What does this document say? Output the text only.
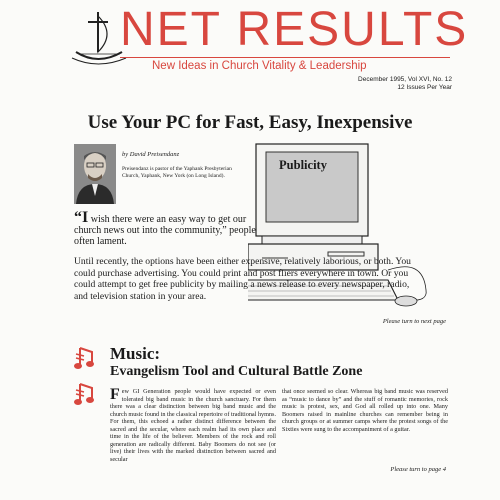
NET RESULTS
New Ideas in Church Vitality & Leadership
December 1995, Vol XVI, No. 12
12 Issues Per Year
Use Your PC for Fast, Easy, Inexpensive
by David Preisendanz
Preisendanz is pastor of the Yaphank Presbyterian Church, Yaphank, New York (on Long Island).
Publicity
“I wish there were an easy way to get our church news out into the community,” people often lament.
Until recently, the options have been either expensive, relatively laborious, or both. You could purchase advertising. You could print and post fliers everywhere in town. Or you could attempt to get free publicity by mailing a news release to every newspaper, radio, and television station in your area.
Please turn to next page
Music:
Evangelism Tool and Cultural Battle Zone
Few GI Generation people would have expected or even tolerated big band music in the church sanctuary. For them there was a clear distinction between big band music and the church music found in the classical repertoire of traditional hymns. For them, this echoed a rather distinct difference between the sacred and the secular, where each realm had its own place and time in the life of the believer. Members of the rock and roll generation are radically different. Baby Boomers do not see (or live) their lives with the marked distinction between sacred and secular
that once seemed so clear. Whereas big band music was reserved as “music to dance by” and the stuff of romantic memories, rock music is protest, sex, and God all rolled up into one. Many Boomers raised in mainline churches can remember being in church groups or at summer camps where the protest songs of the Sixties were sung to the accompaniment of a guitar.
Please turn to page 4
